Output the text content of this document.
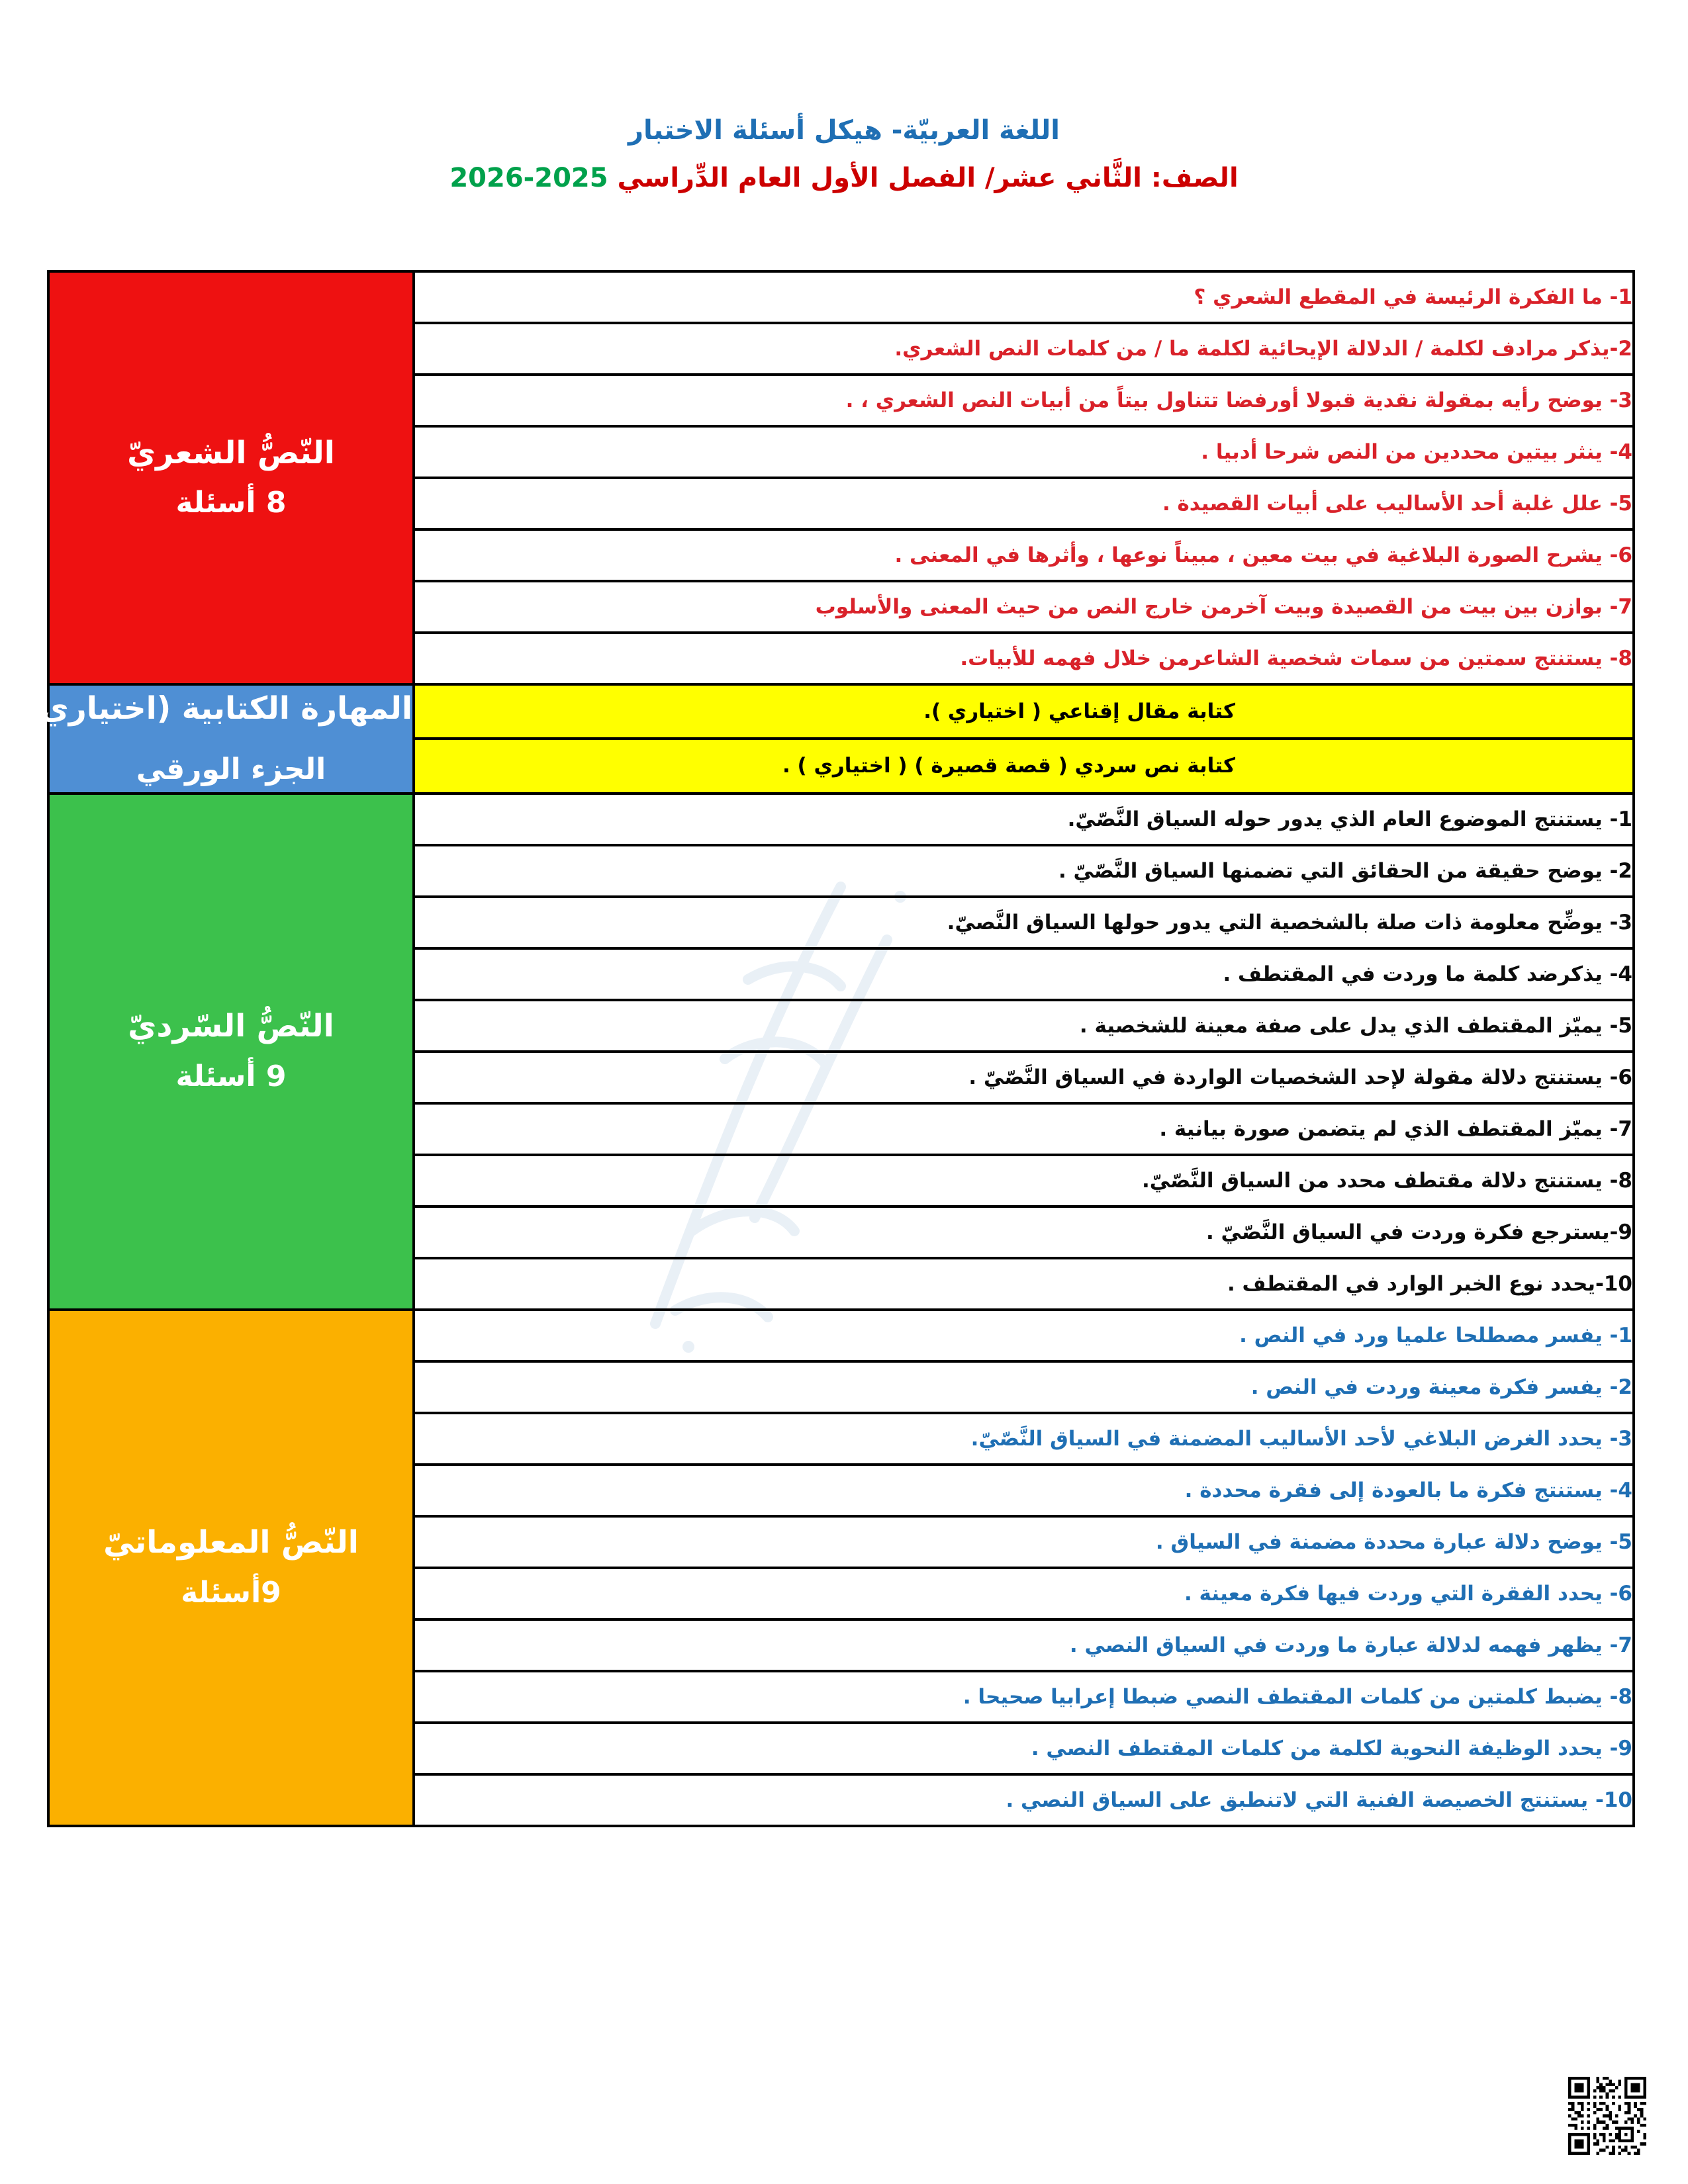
اللغة العربيّة- هيكل أسئلة الاختبار
الصف: الثَّاني عشر/ الفصل الأول العام الدِّراسي 2025-2026
1- ما الفكرة الرئيسة في المقطع الشعري ؟	النّصُّ الشعريّ
8 أسئلة

2-يذكر مرادف لكلمة / الدلالة الإيحائية لكلمة ما / من كلمات النص الشعري.	

3- يوضح رأيه بمقولة نقدية قبولا أورفضا تتناول بيتاً من أبيات النص الشعري ، .	

4- ينثر بيتين محددين من النص شرحا أدبيا .	

5- علل غلبة أحد الأساليب على أبيات القصيدة .	

6- يشرح الصورة البلاغية في بيت معين ، مبيناً نوعها ، وأثرها في المعنى .	

7- بوازن بين بيت من القصيدة وبيت آخرمن خارج النص من حيث المعنى والأسلوب	

8- يستنتج سمتين من سمات شخصية الشاعرمن خلال فهمه للأبيات.	

كتابة مقال إقناعي ( اختياري ).	المهارة الكتابية (اختياري)
الجزء الورقي

كتابة نص سردي ( قصة قصيرة ) ( اختياري ) .	

1- يستنتج الموضوع العام الذي يدور حوله السياق النَّصّيّ.	النّصُّ السّرديّ
9 أسئلة

2- يوضح حقيقة من الحقائق التي تضمنها السياق النَّصّيّ .	

3- يوضِّح معلومة ذات صلة بالشخصية التي يدور حولها السياق النَّصيّ.	

4- يذكرضد كلمة ما وردت في المقتطف .	

5- يميّز المقتطف الذي يدل على صفة معينة للشخصية .	

6- يستنتج دلالة مقولة لإحد الشخصيات الواردة في السياق النَّصّيّ .	

7- يميّز المقتطف الذي لم يتضمن صورة بيانية .	

8- يستنتج دلالة مقتطف محدد من السياق النَّصّيّ.	

9-يسترجع فكرة وردت في السياق النَّصّيّ .	

10-يحدد نوع الخبر الوارد في المقتطف .	

1- يفسر مصطلحا علميا ورد في النص .	النّصُّ المعلوماتيّ
9أسئلة

2- يفسر فكرة معينة وردت في النص .	

3- يحدد الغرض البلاغي لأحد الأساليب المضمنة في السياق النَّصّيّ.	

4- يستنتج فكرة ما بالعودة إلى فقرة محددة .	

5- يوضح دلالة عبارة محددة مضمنة في السياق .	

6- يحدد الفقرة التي وردت فيها فكرة معينة .	

7- يظهر فهمه لدلالة عبارة ما وردت في السياق النصي .	

8- يضبط كلمتين من كلمات المقتطف النصي ضبطا إعرابيا صحيحا .	

9- يحدد الوظيفة النحوية لكلمة من كلمات المقتطف النصي .	

10- يستنتج الخصيصة الفنية التي لاتنطبق على السياق النصي .	
